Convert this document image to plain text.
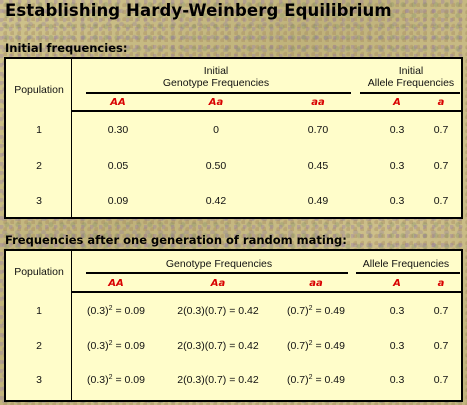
Establishing Hardy-Weinberg Equilibrium
Initial frequencies:
Population
Initial
Genotype Frequencies
Initial
Allele Frequencies
AA	Aa	aa	A	a
1	0.30	0	0.70	0.3	0.7
2	0.05	0.50	0.45	0.3	0.7
3	0.09	0.42	0.49	0.3	0.7
Frequencies after one generation of random mating:
Population
Genotype Frequencies	Allele Frequencies
AA	Aa	aa	A	a
1	$(0.3)^2 = 0.09$	2(0.3)(0.7) = 0.42	$(0.7)^2 = 0.49$	0.3	0.7
2	$(0.3)^2 = 0.09$	2(0.3)(0.7) = 0.42	$(0.7)^2 = 0.49$	0.3	0.7
3	$(0.3)^2 = 0.09$	2(0.3)(0.7) = 0.42	$(0.7)^2 = 0.49$	0.3	0.7
